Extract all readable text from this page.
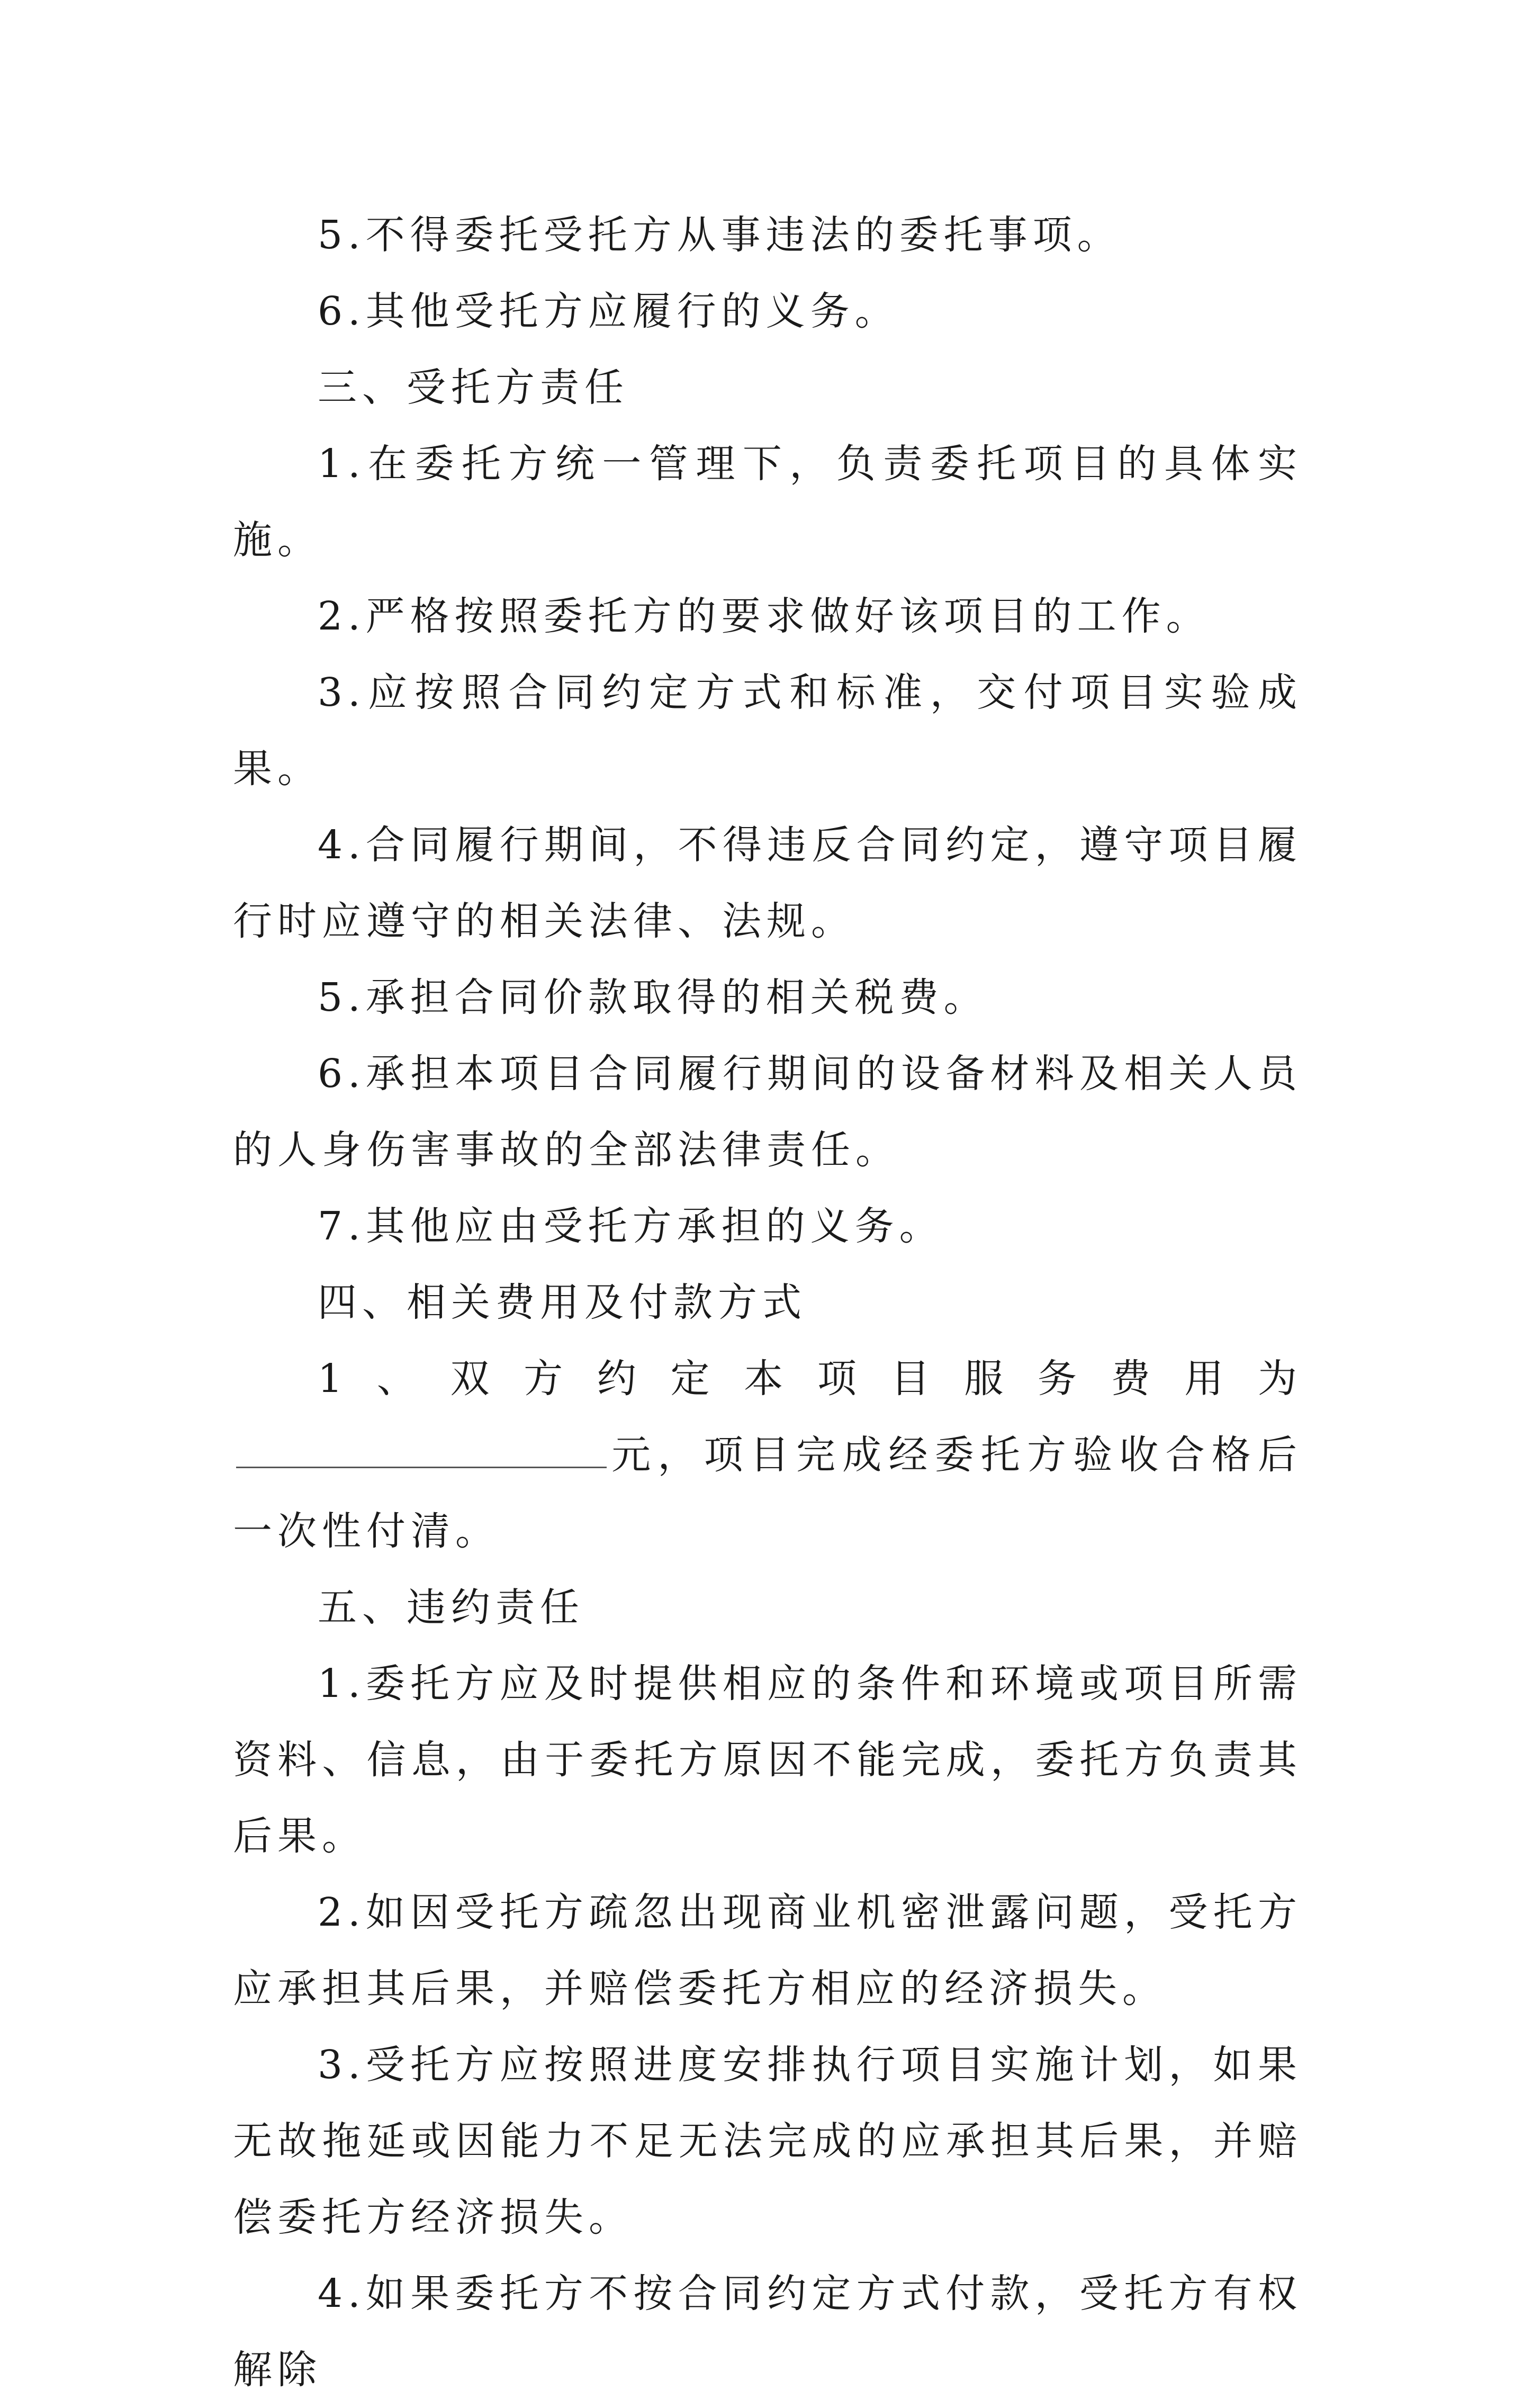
5.不得委托受托方从事违法的委托事项。

6.其他受托方应履行的义务。

三、受托方责任

1.在委托方统一管理下，负责委托项目的具体实施。

2.严格按照委托方的要求做好该项目的工作。

3.应按照合同约定方式和标准，交付项目实验成果。

4.合同履行期间，不得违反合同约定，遵守项目履行时应遵守的相关法律、法规。

5.承担合同价款取得的相关税费。

6.承担本项目合同履行期间的设备材料及相关人员的人身伤害事故的全部法律责任。

7.其他应由受托方承担的义务。

四、相关费用及付款方式

1、双方约定本项目服务费用为元，项目完成经委托方验收合格后一次性付清。

五、违约责任

1.委托方应及时提供相应的条件和环境或项目所需资料、信息，由于委托方原因不能完成，委托方负责其后果。

2.如因受托方疏忽出现商业机密泄露问题，受托方应承担其后果，并赔偿委托方相应的经济损失。

3.受托方应按照进度安排执行项目实施计划，如果无故拖延或因能力不足无法完成的应承担其后果，并赔偿委托方经济损失。

4.如果委托方不按合同约定方式付款，受托方有权解除
